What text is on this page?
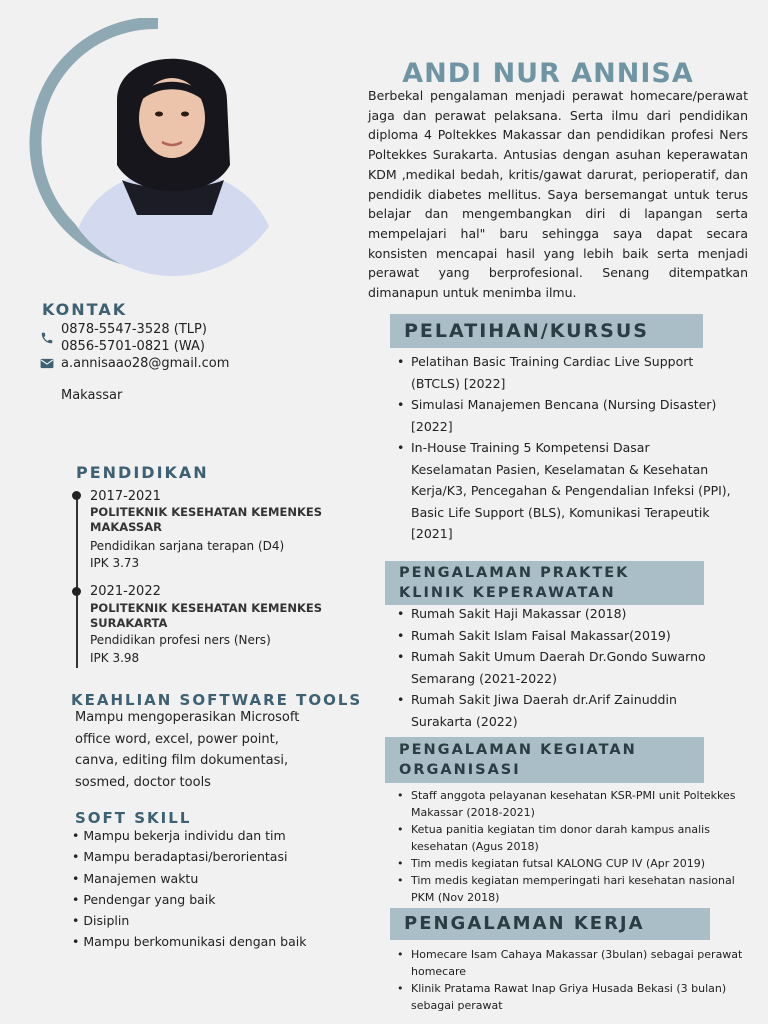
ANDI NUR ANNISA
Berbekal pengalaman menjadi perawat homecare/perawat jaga dan perawat pelaksana. Serta ilmu dari pendidikan diploma 4 Poltekkes Makassar dan pendidikan profesi Ners Poltekkes Surakarta. Antusias dengan asuhan keperawatan KDM ,medikal bedah, kritis/gawat darurat, perioperatif, dan pendidik diabetes mellitus. Saya bersemangat untuk terus belajar dan mengembangkan diri di lapangan serta mempelajari hal" baru sehingga saya dapat secara konsisten mencapai hasil yang lebih baik serta menjadi perawat yang berprofesional. Senang ditempatkan dimanapun untuk menimba ilmu.
KONTAK
0878-5547-3528 (TLP)
0856-5701-0821 (WA)
a.annisaao28@gmail.com
Makassar
PENDIDIKAN
2017-2021
POLITEKNIK KESEHATAN KEMENKES MAKASSAR
Pendidikan sarjana terapan (D4)
IPK 3.73
2021-2022
POLITEKNIK KESEHATAN KEMENKES SURAKARTA
Pendidikan profesi ners (Ners)
IPK 3.98
KEAHLIAN SOFTWARE TOOLS
Mampu mengoperasikan Microsoft office word, excel, power point, canva, editing film dokumentasi, sosmed, doctor tools
SOFT SKILL
• Mampu bekerja individu dan tim
• Mampu beradaptasi/berorientasi
• Manajemen waktu
• Pendengar yang baik
• Disiplin
• Mampu berkomunikasi dengan baik
PELATIHAN/KURSUS
• Pelatihan Basic Training Cardiac Live Support (BTCLS) [2022]
• Simulasi Manajemen Bencana (Nursing Disaster) [2022]
• In-House Training 5 Kompetensi Dasar Keselamatan Pasien, Keselamatan & Kesehatan Kerja/K3, Pencegahan & Pengendalian Infeksi (PPI), Basic Life Support (BLS), Komunikasi Terapeutik [2021]
PENGALAMAN PRAKTEK KLINIK KEPERAWATAN
• Rumah Sakit Haji Makassar (2018)
• Rumah Sakit Islam Faisal Makassar(2019)
• Rumah Sakit Umum Daerah Dr.Gondo Suwarno Semarang (2021-2022)
• Rumah Sakit Jiwa Daerah dr.Arif Zainuddin Surakarta (2022)
PENGALAMAN KEGIATAN ORGANISASI
• Staff anggota pelayanan kesehatan KSR-PMI unit Poltekkes Makassar (2018-2021)
• Ketua panitia kegiatan tim donor darah kampus analis kesehatan (Agus 2018)
• Tim medis kegiatan futsal KALONG CUP IV (Apr 2019)
• Tim medis kegiatan memperingati hari kesehatan nasional PKM (Nov 2018)
PENGALAMAN KERJA
• Homecare Isam Cahaya Makassar (3bulan) sebagai perawat homecare
• Klinik Pratama Rawat Inap Griya Husada Bekasi (3 bulan) sebagai perawat
